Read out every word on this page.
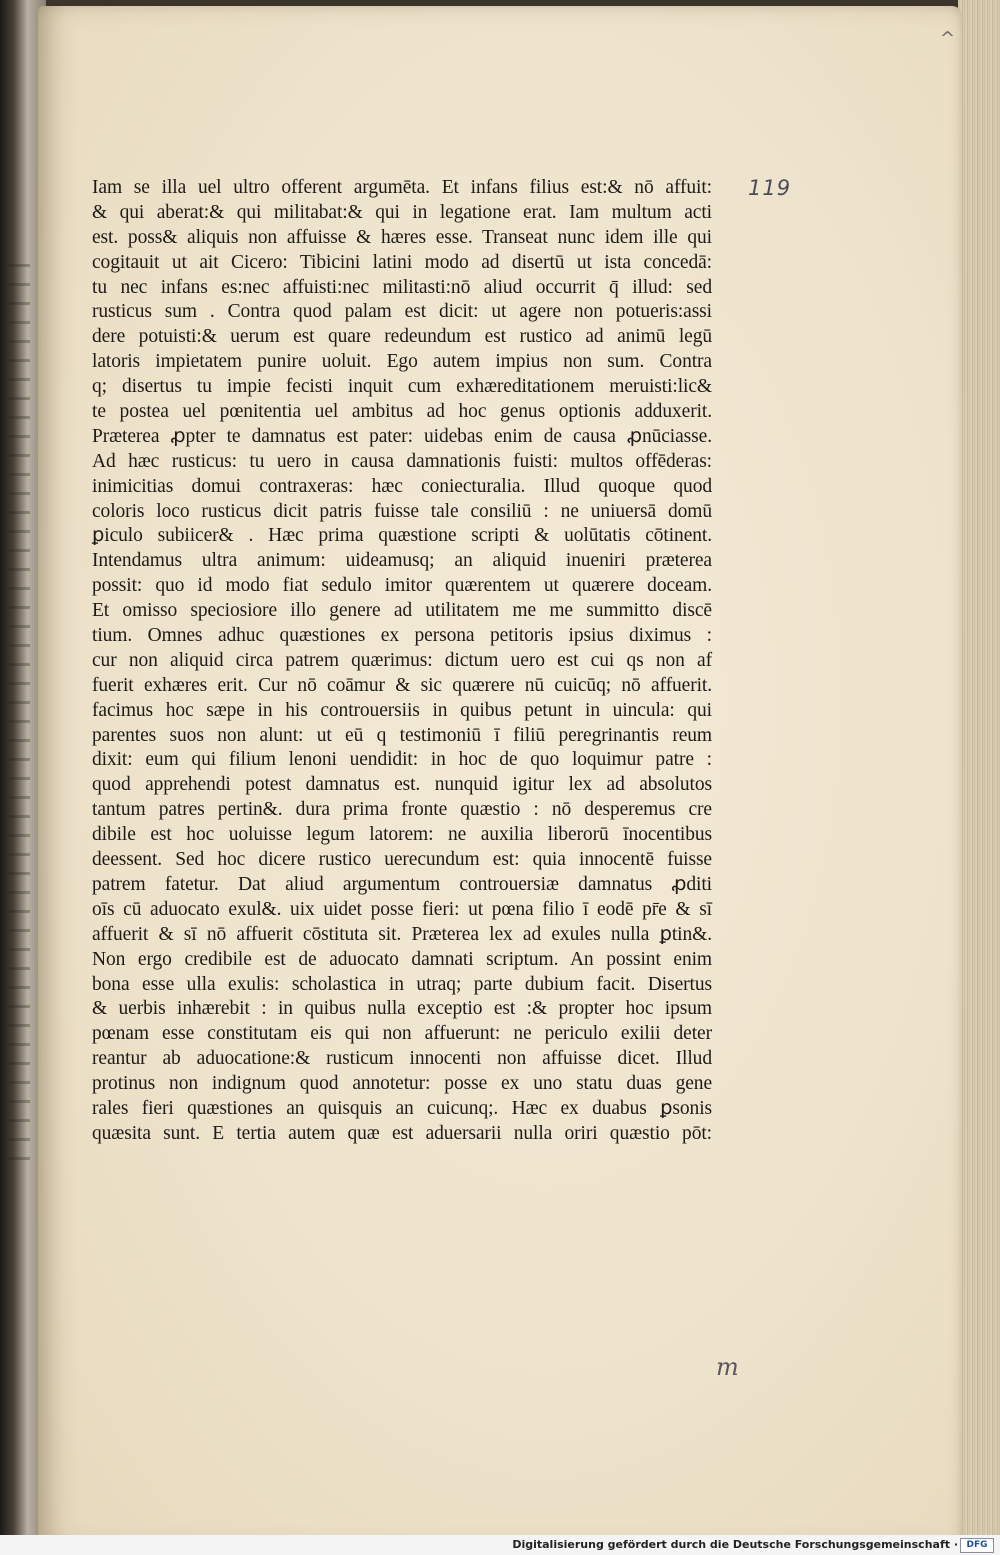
^
119
Iam se illa uel ultro offerent argumēta. Et infans filius est:& nō affuit:
& qui aberat:& qui militabat:& qui in legatione erat. Iam multum acti
est. poss& aliquis non affuisse & hæres esse. Transeat nunc idem ille qui
cogitauit ut ait Cicero: Tibicini latini modo ad disertū ut ista concedā:
tu nec infans es:nec affuisti:nec militasti:nō aliud occurrit q̄ illud: sed
rusticus sum . Contra quod palam est dicit: ut agere non potueris:assi
dere potuisti:& uerum est quare redeundum est rustico ad animū legū
latoris impietatem punire uoluit. Ego autem impius non sum. Contra
q; disertus tu impie fecisti inquit cum exhæreditationem meruisti:lic&
te postea uel pœnitentia uel ambitus ad hoc genus optionis adduxerit.
Præterea ꝓpter te damnatus est pater: uidebas enim de causa ꝓnūciasse.
Ad hæc rusticus: tu uero in causa damnationis fuisti: multos offēderas:
inimicitias domui contraxeras: hæc coniecturalia. Illud quoque quod
coloris loco rusticus dicit patris fuisse tale consiliū : ne uniuersā domū
ꝑiculo subiicer& . Hæc prima quæstione scripti & uolūtatis cōtinent.
Intendamus ultra animum: uideamusq; an aliquid inueniri præterea
possit: quo id modo fiat sedulo imitor quærentem ut quærere doceam.
Et omisso speciosiore illo genere ad utilitatem me me summitto discē
tium. Omnes adhuc quæstiones ex persona petitoris ipsius diximus :
cur non aliquid circa patrem quærimus: dictum uero est cui qs non af
fuerit exhæres erit. Cur nō coāmur & sic quærere nū cuicūq; nō affuerit.
facimus hoc sæpe in his controuersiis in quibus petunt in uincula: qui
parentes suos non alunt: ut eū q testimoniū ī filiū peregrinantis reum
dixit: eum qui filium lenoni uendidit: in hoc de quo loquimur patre :
quod apprehendi potest damnatus est. nunquid igitur lex ad absolutos
tantum patres pertin&. dura prima fronte quæstio : nō desperemus cre
dibile est hoc uoluisse legum latorem: ne auxilia liberorū īnocentibus
deessent. Sed hoc dicere rustico uerecundum est: quia innocentē fuisse
patrem fatetur. Dat aliud argumentum controuersiæ damnatus ꝓditi
oīs cū aduocato exul&. uix uidet posse fieri: ut pœna filio ī eodē pr̄e & sī
affuerit & sī nō affuerit cōstituta sit. Præterea lex ad exules nulla ꝑtin&.
Non ergo credibile est de aduocato damnati scriptum. An possint enim
bona esse ulla exulis: scholastica in utraq; parte dubium facit. Disertus
& uerbis inhærebit : in quibus nulla exceptio est :& propter hoc ipsum
pœnam esse constitutam eis qui non affuerunt: ne periculo exilii deter
reantur ab aduocatione:& rusticum innocenti non affuisse dicet. Illud
protinus non indignum quod annotetur: posse ex uno statu duas gene
rales fieri quæstiones an quisquis an cuicunq;. Hæc ex duabus ꝑsonis
quæsita sunt. E tertia autem quæ est aduersarii nulla oriri quæstio pōt:
m
Digitalisierung gefördert durch die Deutsche Forschungsgemeinschaft · DFG
